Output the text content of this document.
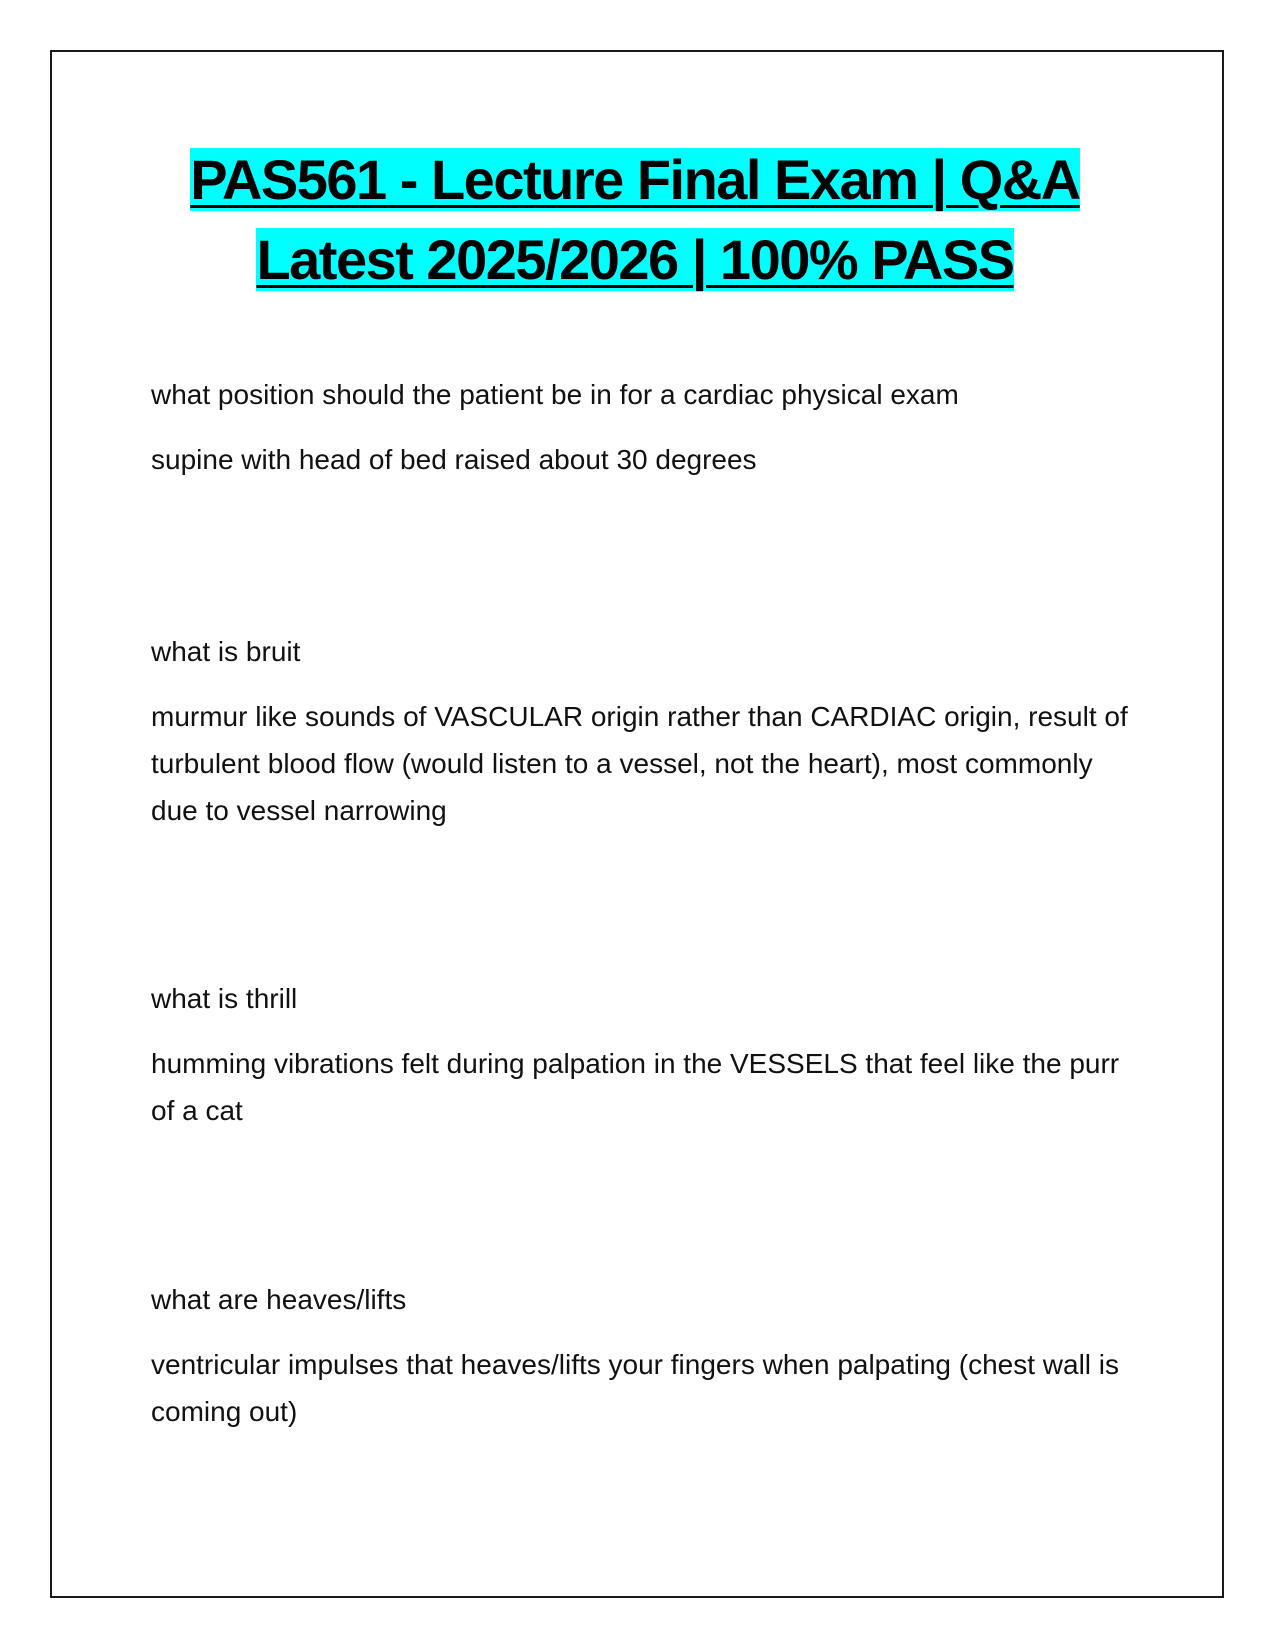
PAS561 - Lecture Final Exam | Q&A
Latest 2025/2026 | 100% PASS

what position should the patient be in for a cardiac physical exam

supine with head of bed raised about 30 degrees

what is bruit

murmur like sounds of VASCULAR origin rather than CARDIAC origin, result of turbulent blood flow (would listen to a vessel, not the heart), most commonly due to vessel narrowing

what is thrill

humming vibrations felt during palpation in the VESSELS that feel like the purr of a cat

what are heaves/lifts

ventricular impulses that heaves/lifts your fingers when palpating (chest wall is coming out)
